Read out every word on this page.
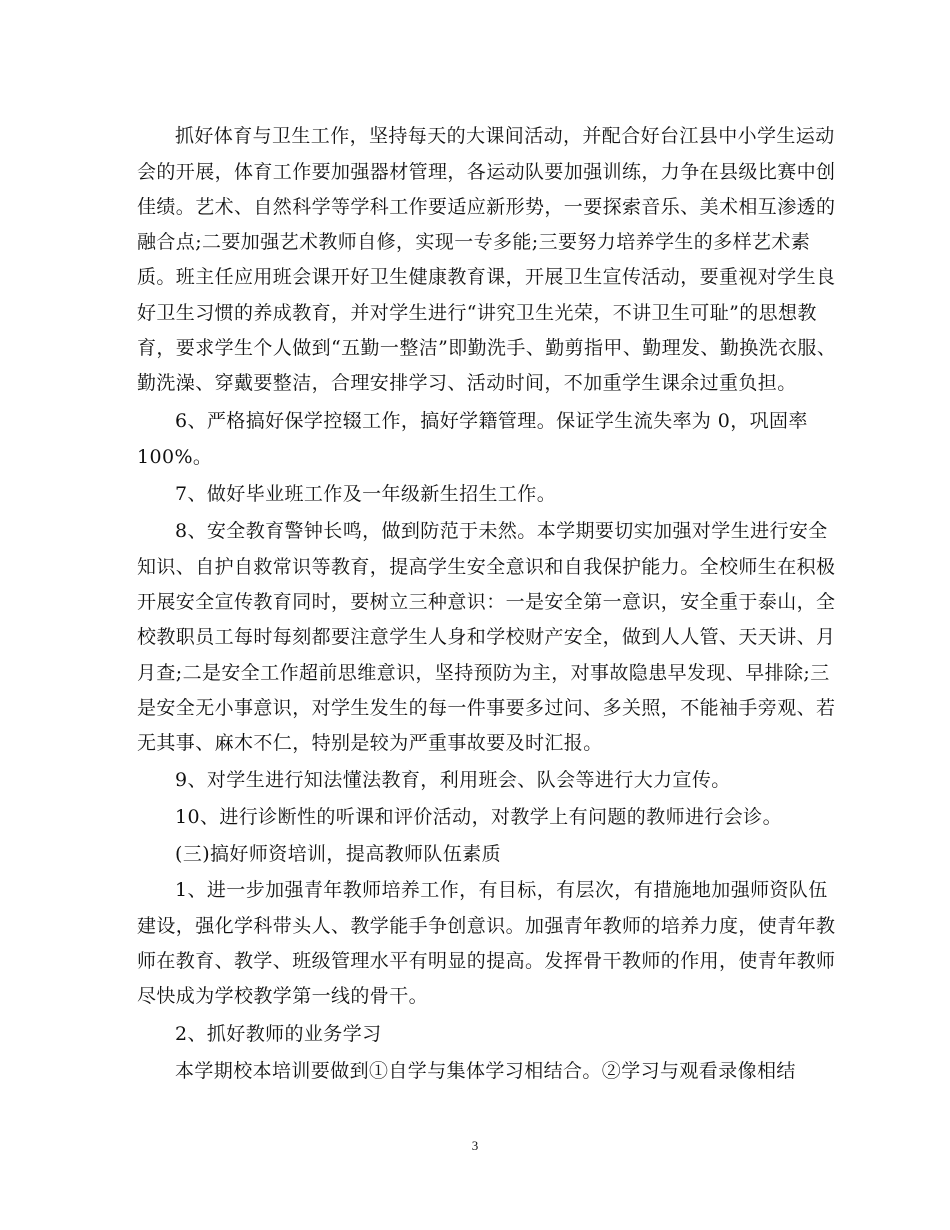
抓好体育与卫生工作，坚持每天的大课间活动，并配合好台江县中小学生运动
会的开展，体育工作要加强器材管理，各运动队要加强训练，力争在县级比赛中创
佳绩。艺术、自然科学等学科工作要适应新形势，一要探索音乐、美术相互渗透的
融合点;二要加强艺术教师自修，实现一专多能;三要努力培养学生的多样艺术素
质。班主任应用班会课开好卫生健康教育课，开展卫生宣传活动，要重视对学生良
好卫生习惯的养成教育，并对学生进行“讲究卫生光荣，不讲卫生可耻”的思想教
育，要求学生个人做到“五勤一整洁”即勤洗手、勤剪指甲、勤理发、勤换洗衣服、
勤洗澡、穿戴要整洁，合理安排学习、活动时间，不加重学生课余过重负担。
6、严格搞好保学控辍工作，搞好学籍管理。保证学生流失率为 0，巩固率
100%。
7、做好毕业班工作及一年级新生招生工作。
8、安全教育警钟长鸣，做到防范于未然。本学期要切实加强对学生进行安全
知识、自护自救常识等教育，提高学生安全意识和自我保护能力。全校师生在积极
开展安全宣传教育同时，要树立三种意识：一是安全第一意识，安全重于泰山，全
校教职员工每时每刻都要注意学生人身和学校财产安全，做到人人管、天天讲、月
月查;二是安全工作超前思维意识，坚持预防为主，对事故隐患早发现、早排除;三
是安全无小事意识，对学生发生的每一件事要多过问、多关照，不能袖手旁观、若
无其事、麻木不仁，特别是较为严重事故要及时汇报。
9、对学生进行知法懂法教育，利用班会、队会等进行大力宣传。
10、进行诊断性的听课和评价活动，对教学上有问题的教师进行会诊。
(三)搞好师资培训，提高教师队伍素质
1、进一步加强青年教师培养工作，有目标，有层次，有措施地加强师资队伍
建设，强化学科带头人、教学能手争创意识。加强青年教师的培养力度，使青年教
师在教育、教学、班级管理水平有明显的提高。发挥骨干教师的作用，使青年教师
尽快成为学校教学第一线的骨干。
2、抓好教师的业务学习
本学期校本培训要做到①自学与集体学习相结合。②学习与观看录像相结
3
